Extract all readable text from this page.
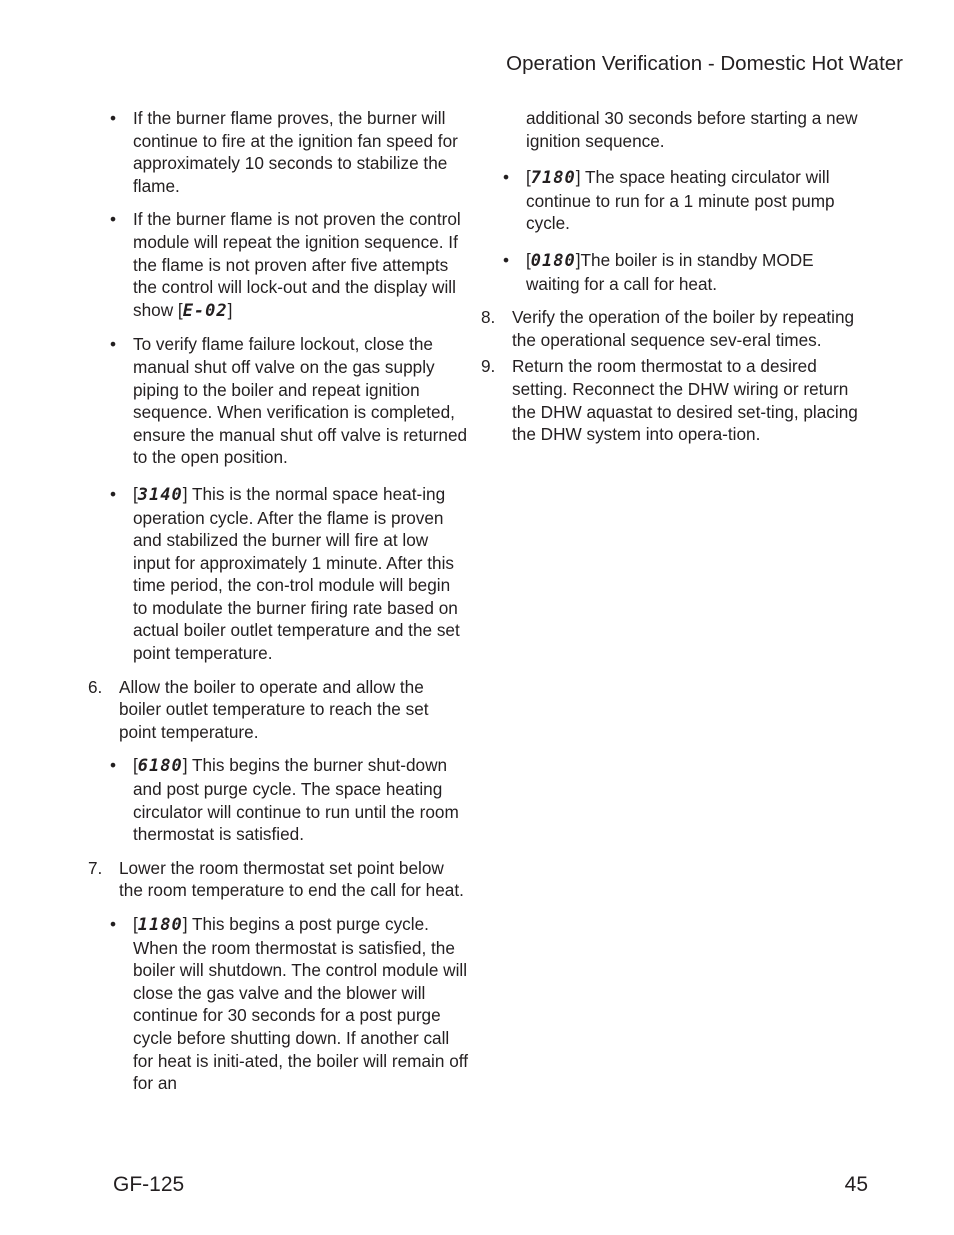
Operation Verification - Domestic Hot Water
• If the burner flame proves, the burner will continue to fire at the ignition fan speed for approximately 10 seconds to stabilize the flame.
• If the burner flame is not proven the control module will repeat the ignition sequence. If the flame is not proven after five attempts the control will lock-out and the display will show [E-02]
• To verify flame failure lockout, close the manual shut off valve on the gas supply piping to the boiler and repeat ignition sequence. When verification is completed, ensure the manual shut off valve is returned to the open position.
• [3140] This is the normal space heat-ing operation cycle. After the flame is proven and stabilized the burner will fire at low input for approximately 1 minute. After this time period, the con-trol module will begin to modulate the burner firing rate based on actual boiler outlet temperature and the set point temperature.
6. Allow the boiler to operate and allow the boiler outlet temperature to reach the set point temperature.
• [6180] This begins the burner shut-down and post purge cycle. The space heating circulator will continue to run until the room thermostat is satisfied.
7. Lower the room thermostat set point below the room temperature to end the call for heat.
• [1180] This begins a post purge cycle. When the room thermostat is satisfied, the boiler will shutdown. The control module will close the gas valve and the blower will continue for 30 seconds for a post purge cycle before shutting down. If another call for heat is initi-ated, the boiler will remain off for an
additional 30 seconds before starting a new ignition sequence.
• [7180] The space heating circulator will continue to run for a 1 minute post pump cycle.
• [0180]The boiler is in standby MODE waiting for a call for heat.
8. Verify the operation of the boiler by repeating the operational sequence sev-eral times.
9. Return the room thermostat to a desired setting. Reconnect the DHW wiring or return the DHW aquastat to desired set-ting, placing the DHW system into opera-tion.
GF-125	45
